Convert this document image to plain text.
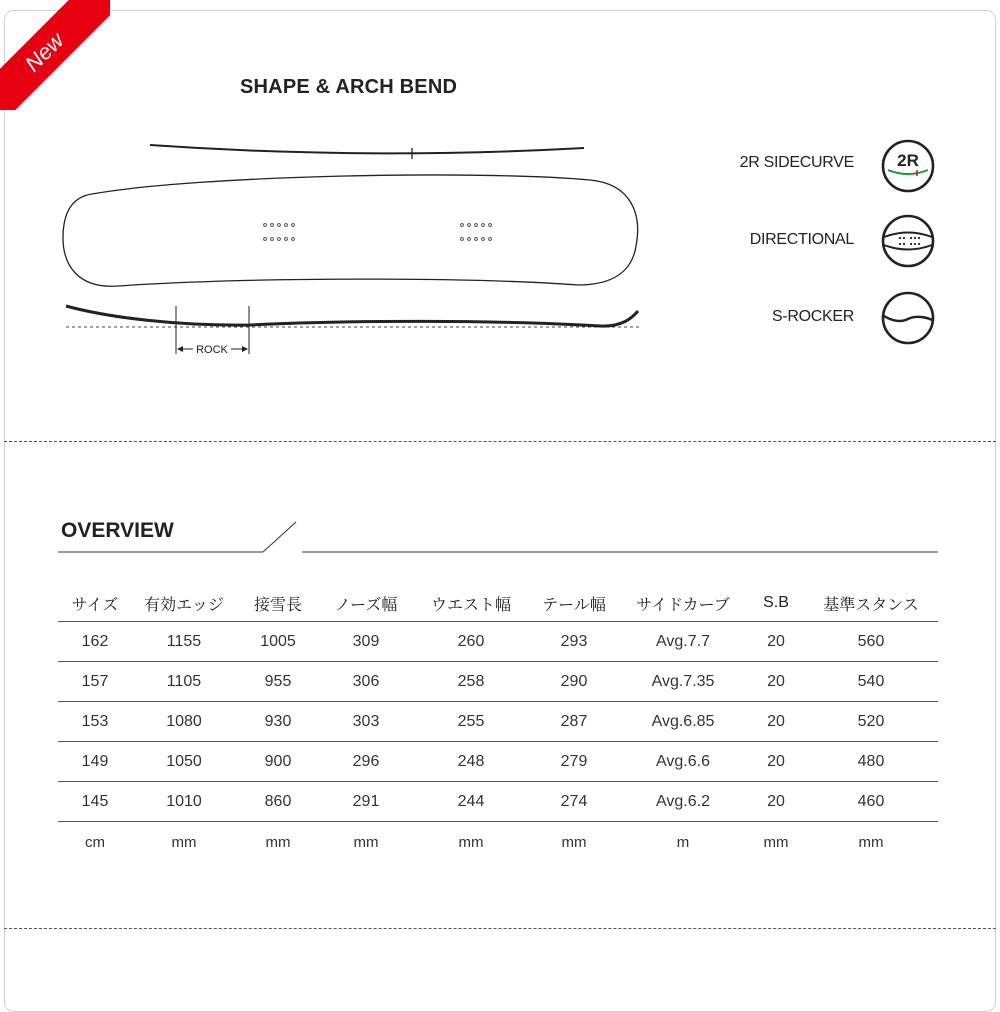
New
SHAPE & ARCH BEND
ROCK
2R SIDECURVE	2R
DIRECTIONAL
S-ROCKER
OVERVIEW
サイズ	有効エッジ	接雪長	ノーズ幅	ウエスト幅	テール幅	サイドカーブ	S.B	基準スタンス
162	1155	1005	309	260	293	Avg.7.7	20	560
157	1105	955	306	258	290	Avg.7.35	20	540
153	1080	930	303	255	287	Avg.6.85	20	520
149	1050	900	296	248	279	Avg.6.6	20	480
145	1010	860	291	244	274	Avg.6.2	20	460
cm	mm	mm	mm	mm	mm	m	mm	mm
